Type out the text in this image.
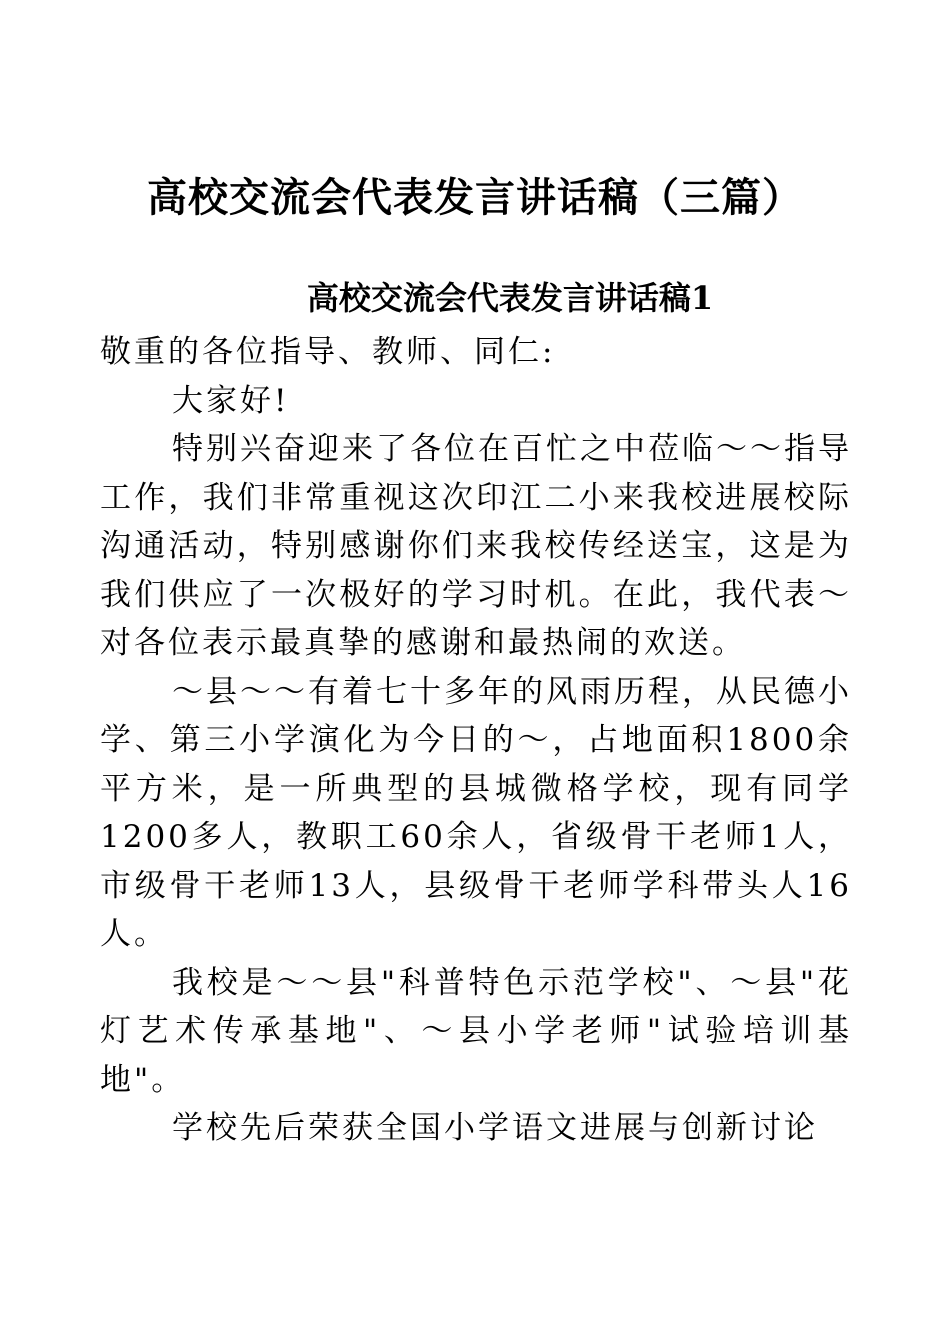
高校交流会代表发言讲话稿（三篇）
高校交流会代表发言讲话稿1

敬重的各位指导、教师、同仁:

大家好!

特别兴奋迎来了各位在百忙之中莅临～～指导工作，我们非常重视这次印江二小来我校进展校际沟通活动，特别感谢你们来我校传经送宝，这是为我们供应了一次极好的学习时机。在此，我代表～对各位表示最真挚的感谢和最热闹的欢送。

～县～～有着七十多年的风雨历程，从民德小学、第三小学演化为今日的～，占地面积1800余平方米，是一所典型的县城微格学校，现有同学1200多人，教职工60余人，省级骨干老师1人，市级骨干老师13人，县级骨干老师学科带头人16人。

我校是～～县"科普特色示范学校"、～县"花灯艺术传承基地"、～县小学老师"试验培训基地"。

学校先后荣获全国小学语文进展与创新讨论
